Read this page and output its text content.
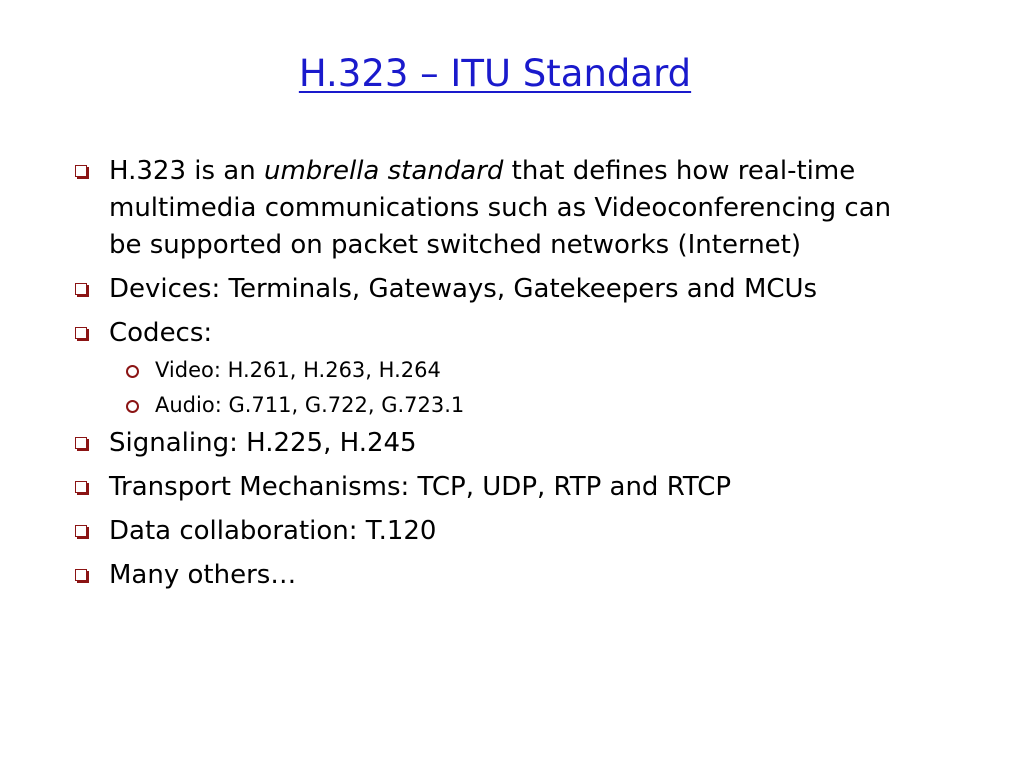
H.323 – ITU Standard
H.323 is an umbrella standard that defines how real-time multimedia communications such as Videoconferencing can be supported on packet switched networks (Internet)
Devices: Terminals, Gateways, Gatekeepers and MCUs
Codecs:
Video: H.261, H.263, H.264
Audio: G.711, G.722, G.723.1
Signaling: H.225, H.245
Transport Mechanisms: TCP, UDP, RTP and RTCP
Data collaboration: T.120
Many others…
